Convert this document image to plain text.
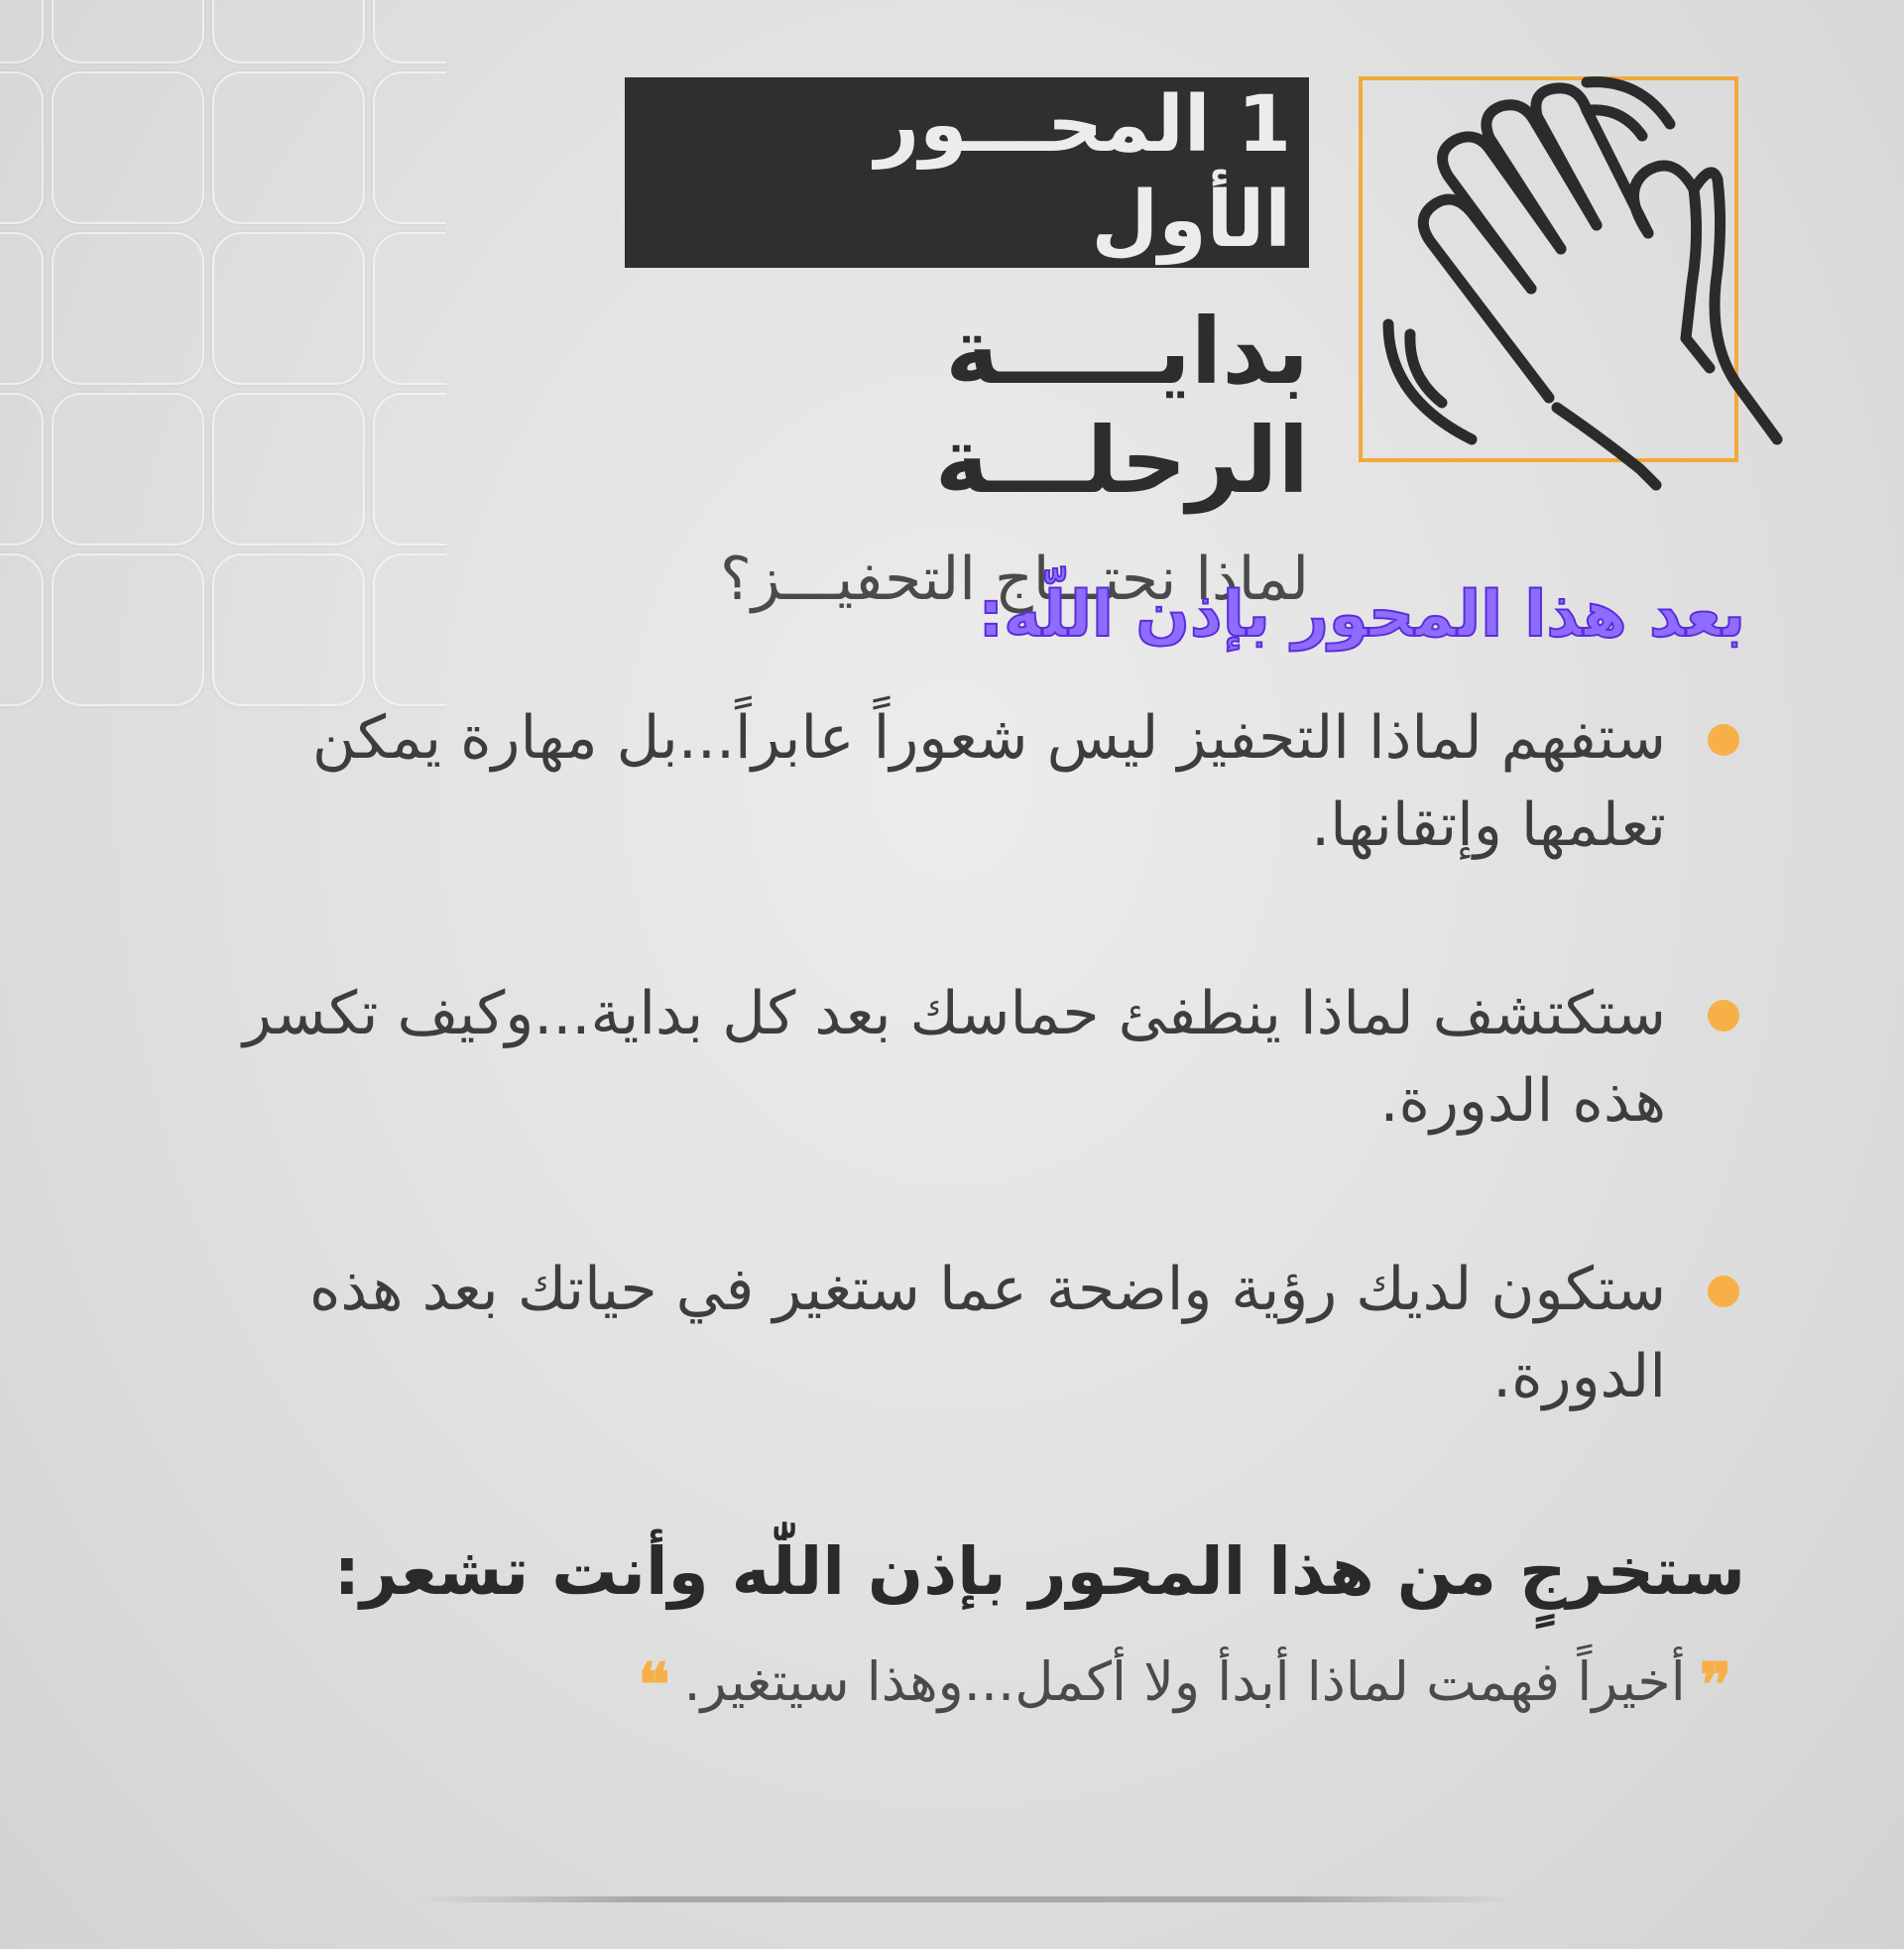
1 المحـــور الأول
بدايـــــة الرحلـــة
لماذا نحتـــاج التحفيـــز؟
بعد هذا المحور بإذن اللّه:
ستفهم لماذا التحفيز ليس شعوراً عابراً...بل مهارة يمكن تعلمها وإتقانها.
ستكتشف لماذا ينطفئ حماسك بعد كل بداية...وكيف تكسر هذه الدورة.
ستكون لديك رؤية واضحة عما ستغير في حياتك بعد هذه الدورة.
ستخرجٍ من هذا المحور بإذن اللّٰه وأنت تشعر:
❞أخيراً فهمت لماذا أبدأ ولا أكمل...وهذا سيتغير.❝
